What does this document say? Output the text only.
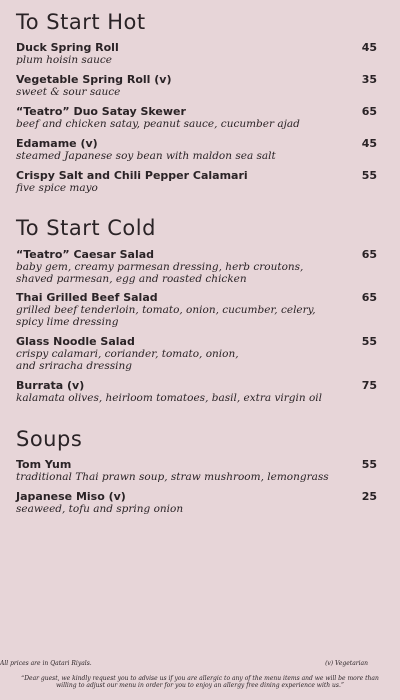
To Start Hot
Duck Spring Roll
plum hoisin sauce
45
Vegetable Spring Roll (v)
sweet & sour sauce
35
“Teatro” Duo Satay Skewer
beef and chicken satay, peanut sauce, cucumber ajad
65
Edamame (v)
steamed Japanese soy bean with maldon sea salt
45
Crispy Salt and Chili Pepper Calamari
five spice mayo
55
To Start Cold
“Teatro” Caesar Salad
baby gem, creamy parmesan dressing, herb croutons,
shaved parmesan, egg and roasted chicken
65
Thai Grilled Beef Salad
grilled beef tenderloin, tomato, onion, cucumber, celery,
spicy lime dressing
65
Glass Noodle Salad
crispy calamari, coriander, tomato, onion,
and sriracha dressing
55
Burrata (v)
kalamata olives, heirloom tomatoes, basil, extra virgin oil
75
Soups
Tom Yum
traditional Thai prawn soup, straw mushroom, lemongrass
55
Japanese Miso (v)
seaweed, tofu and spring onion
25
All prices are in Qatari Riyals.	(v) Vegetarian
“Dear guest, we kindly request you to advise us if you are allergic to any of the menu items and we will be more than willing to adjust our menu in order for you to enjoy an allergy free dining experience with us.”
